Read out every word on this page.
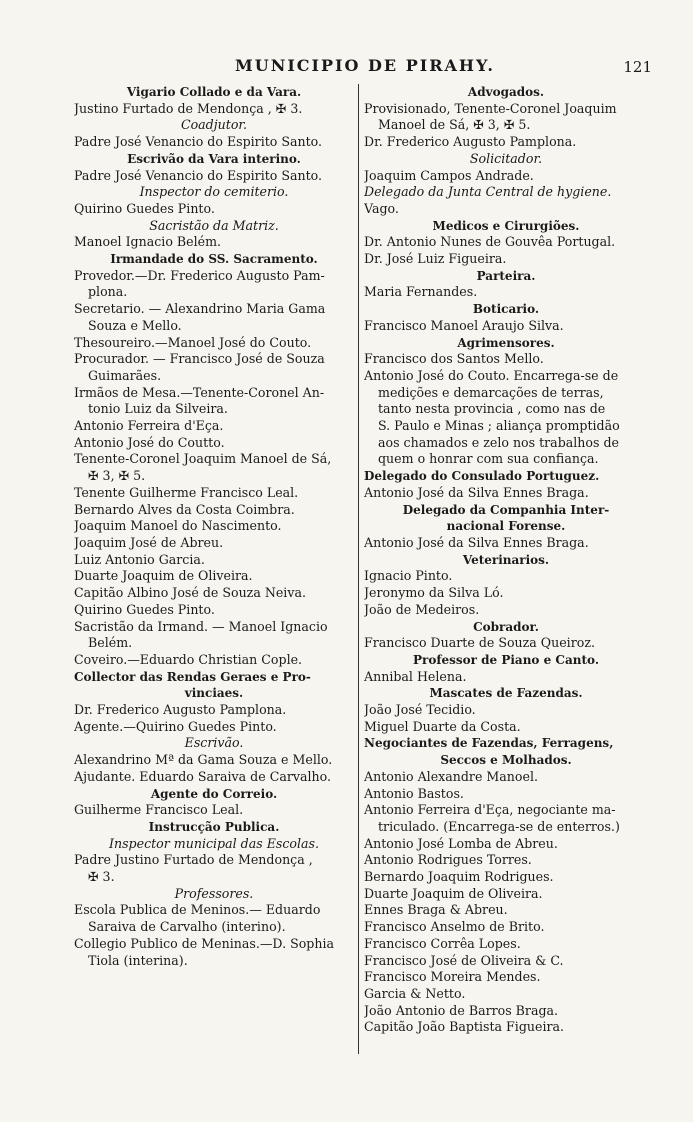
MUNICIPIO DE PIRAHY.	121
Vigario Collado e da Vara.
Justino Furtado de Mendonça , ✠ 3.
Coadjutor.
Padre José Venancio do Espirito Santo.
Escrivão da Vara interino.
Padre José Venancio do Espirito Santo.
Inspector do cemiterio.
Quirino Guedes Pinto.
Sacristão da Matriz.
Manoel Ignacio Belém.
Irmandade do SS. Sacramento.
Provedor.—Dr. Frederico Augusto Pam-
plona.
Secretario. — Alexandrino Maria Gama
Souza e Mello.
Thesoureiro.—Manoel José do Couto.
Procurador. — Francisco José de Souza
Guimarães.
Irmãos de Mesa.—Tenente-Coronel An-
tonio Luiz da Silveira.
Antonio Ferreira d'Eça.
Antonio José do Coutto.
Tenente-Coronel Joaquim Manoel de Sá,
✠ 3, ✠ 5.
Tenente Guilherme Francisco Leal.
Bernardo Alves da Costa Coimbra.
Joaquim Manoel do Nascimento.
Joaquim José de Abreu.
Luiz Antonio Garcia.
Duarte Joaquim de Oliveira.
Capitão Albino José de Souza Neiva.
Quirino Guedes Pinto.
Sacristão da Irmand. — Manoel Ignacio
Belém.
Coveiro.—Eduardo Christian Cople.
Collector das Rendas Geraes e Pro-
vinciaes.
Dr. Frederico Augusto Pamplona.
Agente.—Quirino Guedes Pinto.
Escrivão.
Alexandrino Mª da Gama Souza e Mello.
Ajudante. Eduardo Saraiva de Carvalho.
Agente do Correio.
Guilherme Francisco Leal.
Instrucção Publica.
Inspector municipal das Escolas.
Padre Justino Furtado de Mendonça ,
✠ 3.
Professores.
Escola Publica de Meninos.— Eduardo
Saraiva de Carvalho (interino).
Collegio Publico de Meninas.—D. Sophia
Tiola (interina).
Advogados.
Provisionado, Tenente-Coronel Joaquim
Manoel de Sá, ✠ 3, ✠ 5.
Dr. Frederico Augusto Pamplona.
Solicitador.
Joaquim Campos Andrade.
Delegado da Junta Central de hygiene.
Vago.
Medicos e Cirurgiões.
Dr. Antonio Nunes de Gouvêa Portugal.
Dr. José Luiz Figueira.
Parteira.
Maria Fernandes.
Boticario.
Francisco Manoel Araujo Silva.
Agrimensores.
Francisco dos Santos Mello.
Antonio José do Couto. Encarrega-se de
medições e demarcações de terras,
tanto nesta provincia , como nas de
S. Paulo e Minas ; aliança promptidão
aos chamados e zelo nos trabalhos de
quem o honrar com sua confiança.
Delegado do Consulado Portuguez.
Antonio José da Silva Ennes Braga.
Delegado da Companhia Inter-
nacional Forense.
Antonio José da Silva Ennes Braga.
Veterinarios.
Ignacio Pinto.
Jeronymo da Silva Ló.
João de Medeiros.
Cobrador.
Francisco Duarte de Souza Queiroz.
Professor de Piano e Canto.
Annibal Helena.
Mascates de Fazendas.
João José Tecidio.
Miguel Duarte da Costa.
Negociantes de Fazendas, Ferragens,
Seccos e Molhados.
Antonio Alexandre Manoel.
Antonio Bastos.
Antonio Ferreira d'Eça, negociante ma-
triculado. (Encarrega-se de enterros.)
Antonio José Lomba de Abreu.
Antonio Rodrigues Torres.
Bernardo Joaquim Rodrigues.
Duarte Joaquim de Oliveira.
Ennes Braga & Abreu.
Francisco Anselmo de Brito.
Francisco Corrêa Lopes.
Francisco José de Oliveira & C.
Francisco Moreira Mendes.
Garcia & Netto.
João Antonio de Barros Braga.
Capitão João Baptista Figueira.
